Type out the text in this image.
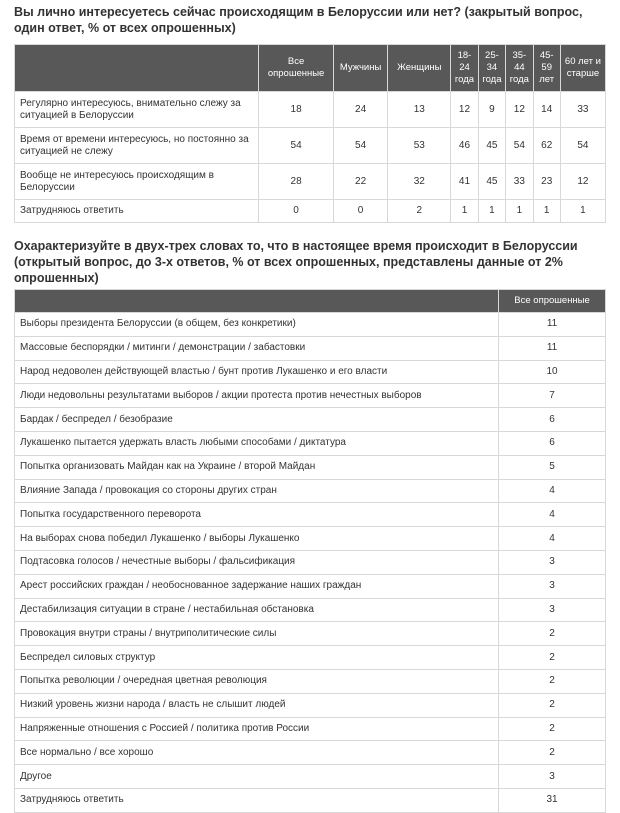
Вы лично интересуетесь сейчас происходящим в Белоруссии или нет? (закрытый вопрос, один ответ, % от всех опрошенных)
	Все опрошенные	Мужчины	Женщины	18-24 года	25-34 года	35-44 года	45-59 лет	60 лет и старше
Регулярно интересуюсь, внимательно слежу за ситуацией в Белоруссии	18	24	13	12	9	12	14	33
Время от времени интересуюсь, но постоянно за ситуацией не слежу	54	54	53	46	45	54	62	54
Вообще не интересуюсь происходящим в Белоруссии	28	22	32	41	45	33	23	12
Затрудняюсь ответить	0	0	2	1	1	1	1	1
Охарактеризуйте в двух-трех словах то, что в настоящее время происходит в Белоруссии (открытый вопрос, до 3-х ответов, % от всех опрошенных, представлены данные от 2% опрошенных)
	Все опрошенные
Выборы президента Белоруссии (в общем, без конкретики)	11
Массовые беспорядки / митинги / демонстрации / забастовки	11
Народ недоволен действующей властью / бунт против Лукашенко и его власти	10
Люди недовольны результатами выборов / акции протеста против нечестных выборов	7
Бардак / беспредел / безобразие	6
Лукашенко пытается удержать власть любыми способами / диктатура	6
Попытка организовать Майдан как на Украине / второй Майдан	5
Влияние Запада / провокация со стороны других стран	4
Попытка государственного переворота	4
На выборах снова победил Лукашенко / выборы Лукашенко	4
Подтасовка голосов / нечестные выборы / фальсификация	3
Арест российских граждан / необоснованное задержание наших граждан	3
Дестабилизация ситуации в стране / нестабильная обстановка	3
Провокация внутри страны / внутриполитические силы	2
Беспредел силовых структур	2
Попытка революции / очередная цветная революция	2
Низкий уровень жизни народа / власть не слышит людей	2
Напряженные отношения с Россией / политика против России	2
Все нормально / все хорошо	2
Другое	3
Затрудняюсь ответить	31
